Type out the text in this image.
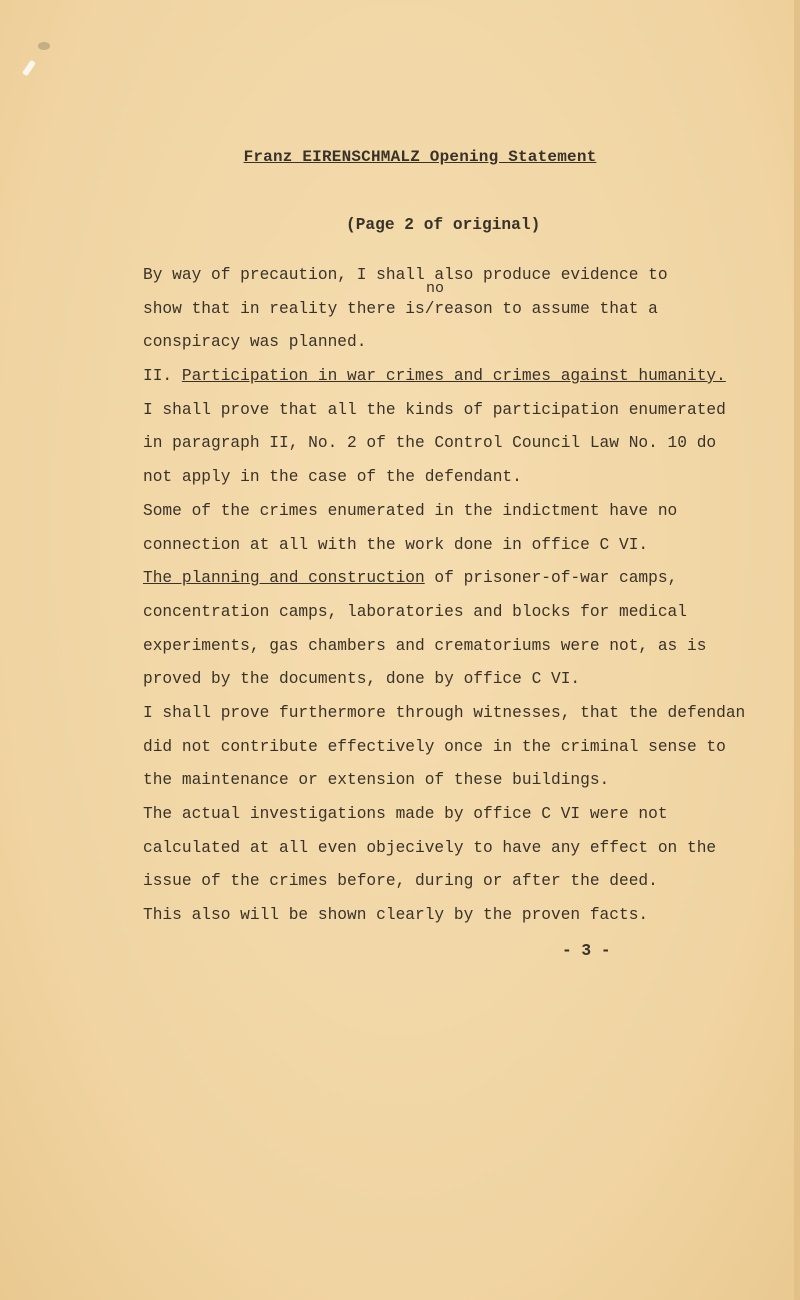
Franz EIRENSCHMALZ Opening Statement
(Page 2 of original)
no
By way of precaution, I shall also produce evidence to
show that in reality there is/reason to assume that a
conspiracy was planned.
II. Participation in war crimes and crimes against humanity.
I shall prove that all the kinds of participation enumerated
in paragraph II, No. 2 of the Control Council Law No. 10 do
not apply in the case of the defendant.
Some of the crimes enumerated in the indictment have no
connection at all with the work done in office C VI.
The planning and construction of prisoner-of-war camps,
concentration camps, laboratories and blocks for medical
experiments, gas chambers and crematoriums were not, as is
proved by the documents, done by office C VI.
I shall prove furthermore through witnesses, that the defendan
did not contribute effectively once in the criminal sense to
the maintenance or extension of these buildings.
The actual investigations made by office C VI were not
calculated at all even objecively to have any effect on the
issue of the crimes before, during or after the deed.
This also will be shown clearly by the proven facts.
- 3 -
